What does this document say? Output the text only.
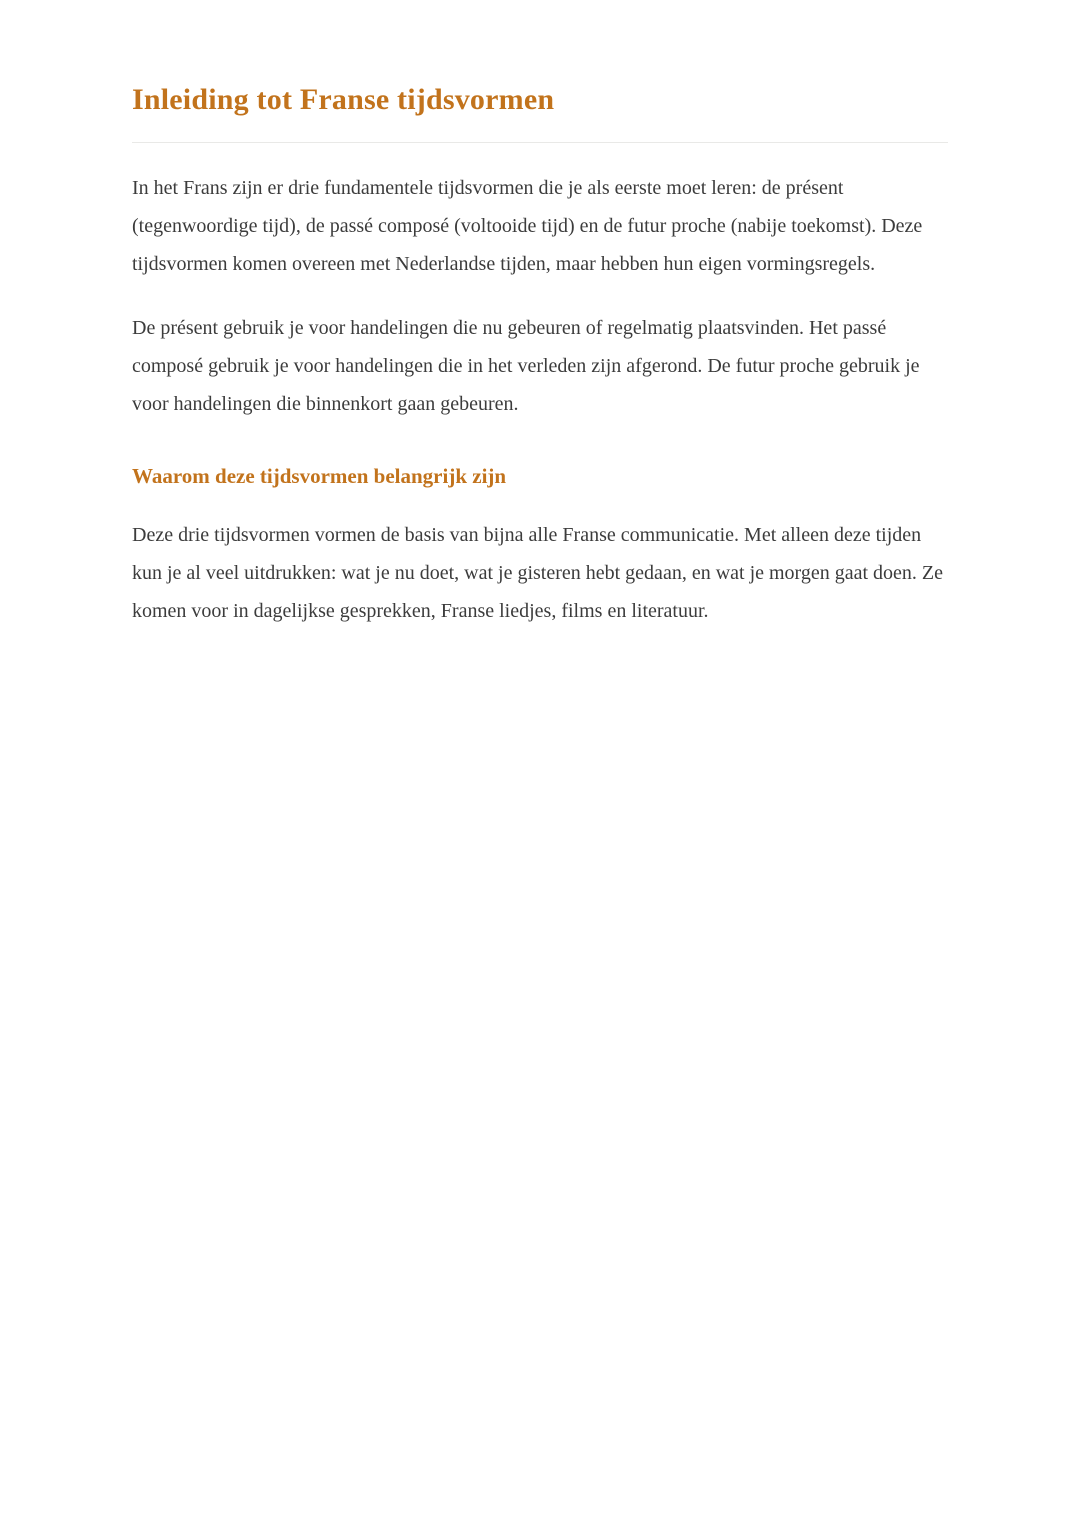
Inleiding tot Franse tijdsvormen

In het Frans zijn er drie fundamentele tijdsvormen die je als eerste moet leren: de présent (tegenwoordige tijd), de passé composé (voltooide tijd) en de futur proche (nabije toekomst). Deze tijdsvormen komen overeen met Nederlandse tijden, maar hebben hun eigen vormingsregels.

De présent gebruik je voor handelingen die nu gebeuren of regelmatig plaatsvinden. Het passé composé gebruik je voor handelingen die in het verleden zijn afgerond. De futur proche gebruik je voor handelingen die binnenkort gaan gebeuren.

Waarom deze tijdsvormen belangrijk zijn

Deze drie tijdsvormen vormen de basis van bijna alle Franse communicatie. Met alleen deze tijden kun je al veel uitdrukken: wat je nu doet, wat je gisteren hebt gedaan, en wat je morgen gaat doen. Ze komen voor in dagelijkse gesprekken, Franse liedjes, films en literatuur.
